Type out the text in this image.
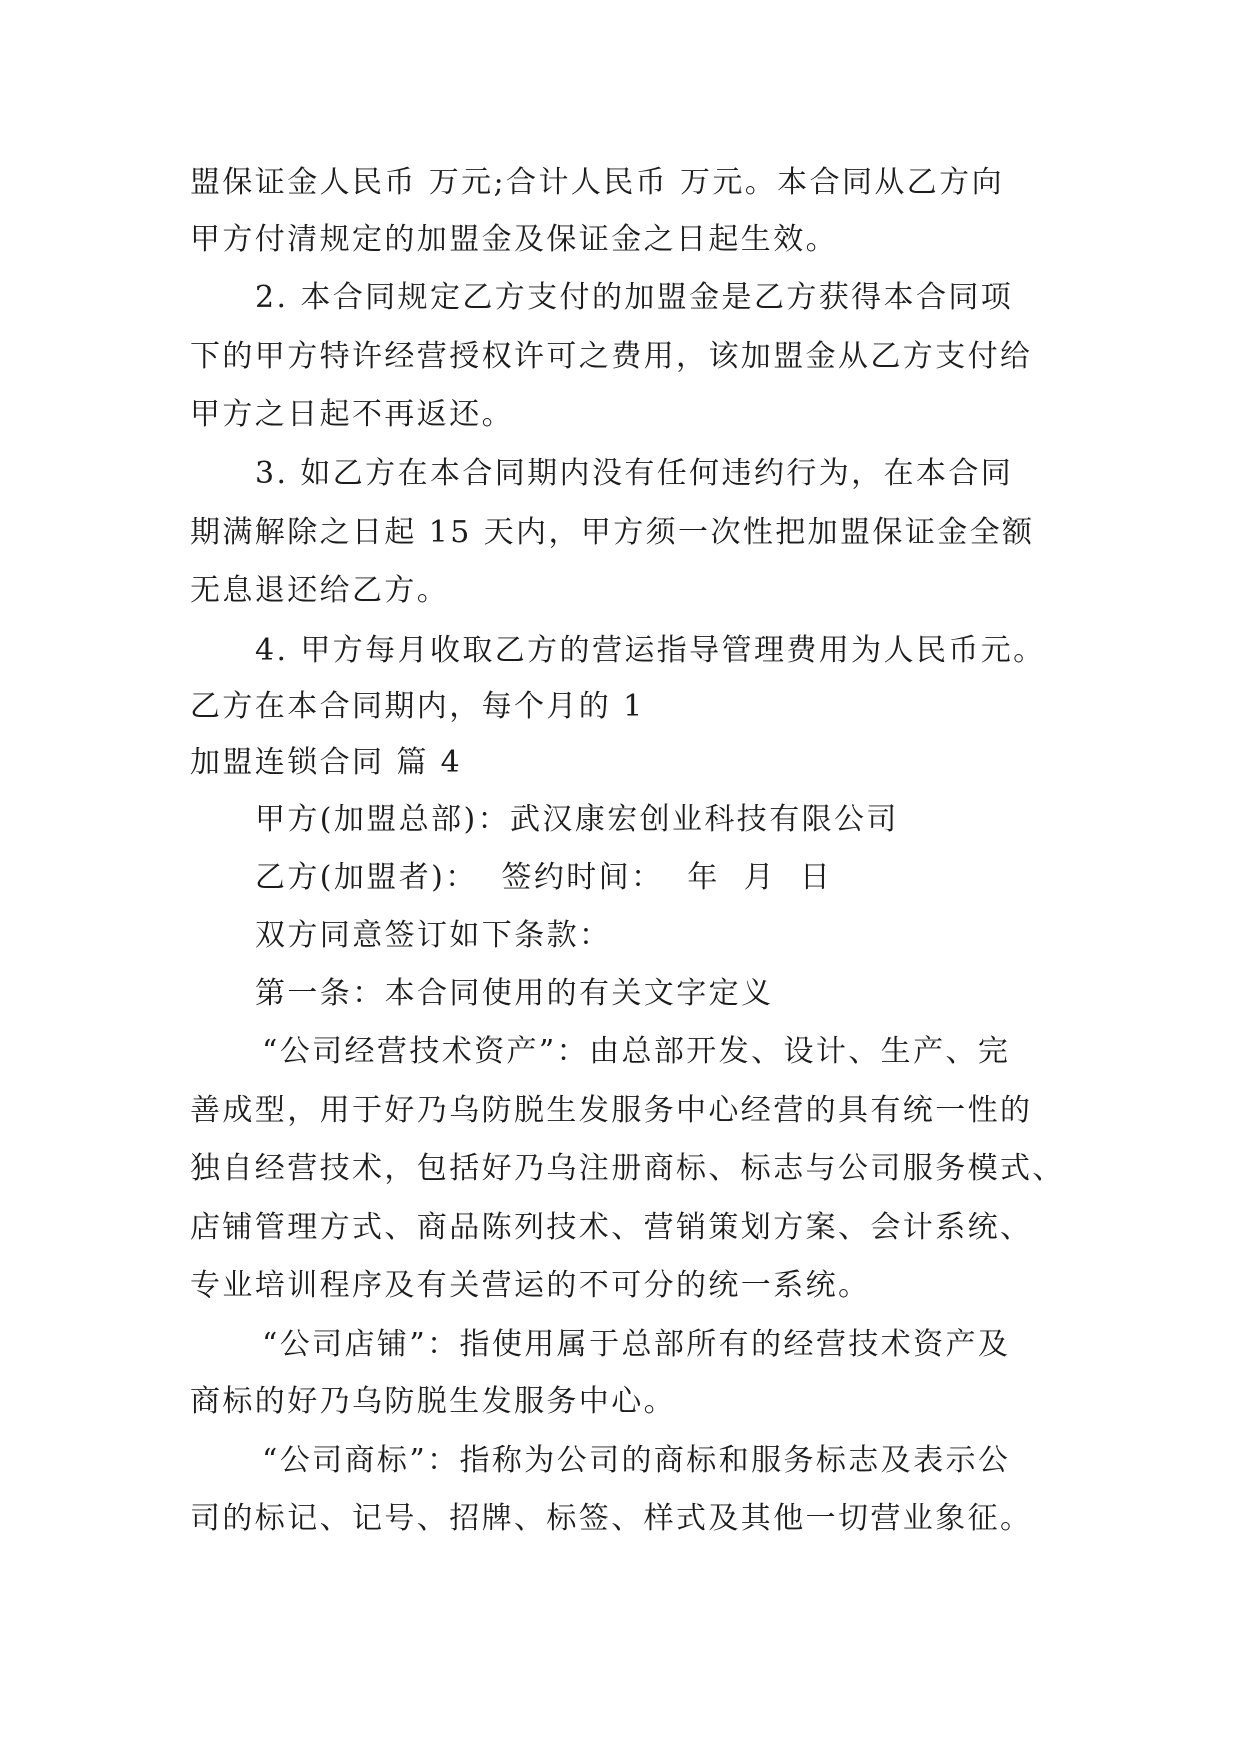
盟保证金人民币 万元;合计人民币 万元。本合同从乙方向
甲方付清规定的加盟金及保证金之日起生效。
2. 本合同规定乙方支付的加盟金是乙方获得本合同项
下的甲方特许经营授权许可之费用，该加盟金从乙方支付给
甲方之日起不再返还。
3. 如乙方在本合同期内没有任何违约行为，在本合同
期满解除之日起 15 天内，甲方须一次性把加盟保证金全额
无息退还给乙方。
4. 甲方每月收取乙方的营运指导管理费用为人民币元。
乙方在本合同期内，每个月的 1
加盟连锁合同 篇 4
甲方(加盟总部)：武汉康宏创业科技有限公司
乙方(加盟者)：  签约时间：  年  月  日
双方同意签订如下条款：
第一条：本合同使用的有关文字定义
“公司经营技术资产”：由总部开发、设计、生产、完
善成型，用于好乃乌防脱生发服务中心经营的具有统一性的
独自经营技术，包括好乃乌注册商标、标志与公司服务模式、
店铺管理方式、商品陈列技术、营销策划方案、会计系统、
专业培训程序及有关营运的不可分的统一系统。
“公司店铺”：指使用属于总部所有的经营技术资产及
商标的好乃乌防脱生发服务中心。
“公司商标”：指称为公司的商标和服务标志及表示公
司的标记、记号、招牌、标签、样式及其他一切营业象征。
